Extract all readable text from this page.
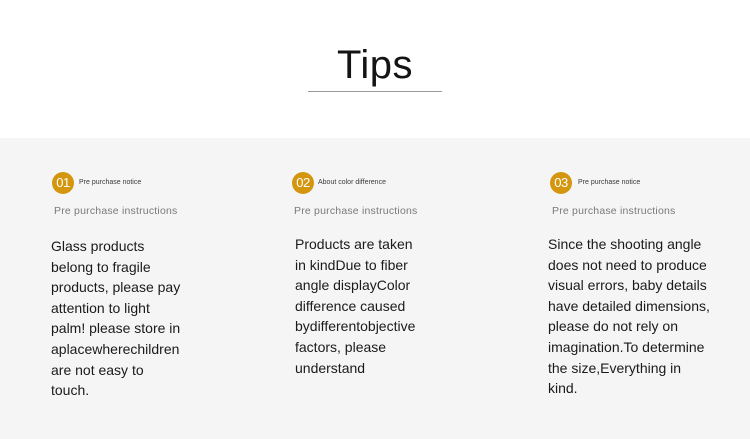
Tips
01	Pre purchase notice
Pre purchase instructions
Glass products
belong to fragile
products, please pay
attention to light
palm! please store in
aplacewherechildren
are not easy to
touch.
02	About color difference
Pre purchase instructions
Products are taken
in kindDue to fiber
angle displayColor
difference caused
bydifferentobjective
factors, please
understand
03	Pre purchase notice
Pre purchase instructions
Since the shooting angle
does not need to produce
visual errors, baby details
have detailed dimensions,
please do not rely on
imagination.To determine
the size,Everything in
kind.
